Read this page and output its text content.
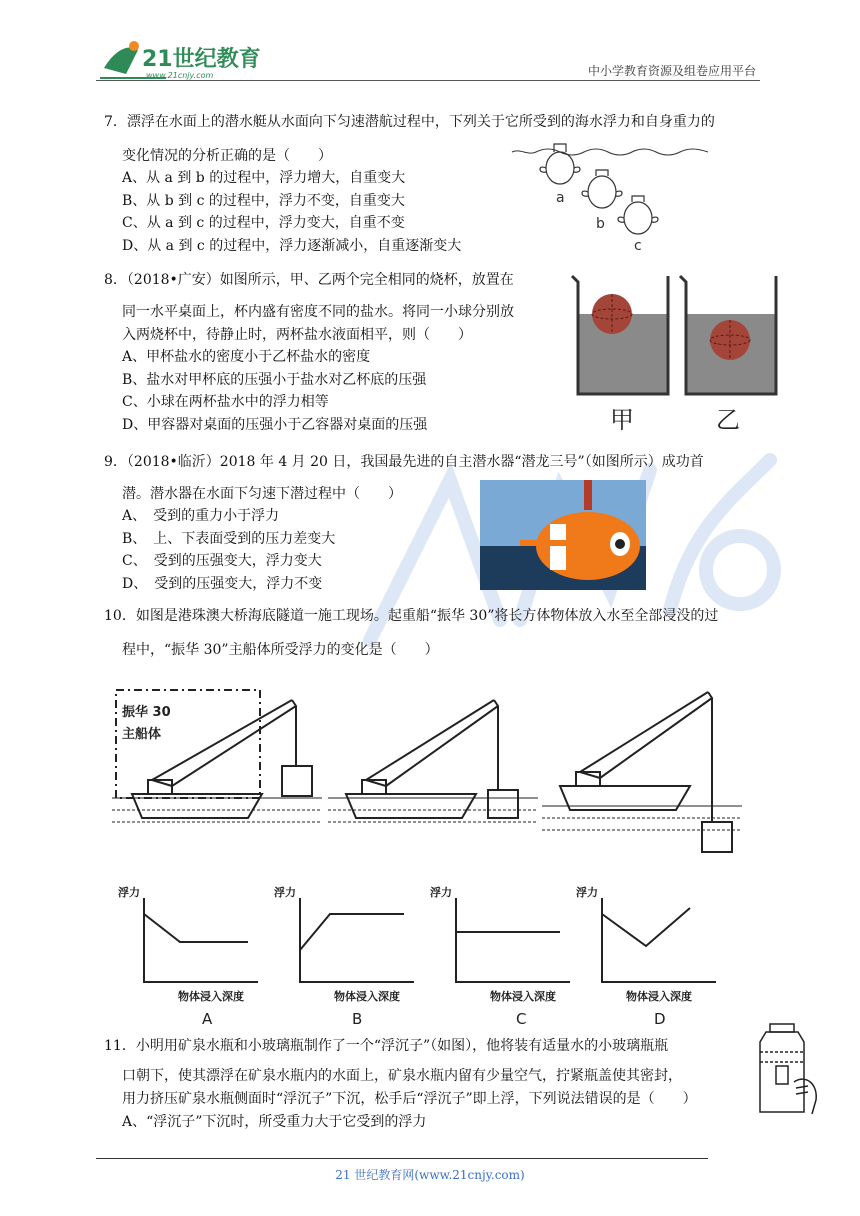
21世纪教育
www.21cnjy.com	中小学教育资源及组卷应用平台
7．漂浮在水面上的潜水艇从水面向下匀速潜航过程中，下列关于它所受到的海水浮力和自身重力的
变化情况的分析正确的是（　　）
A、从 a 到 b 的过程中，浮力增大，自重变大
B、从 b 到 c 的过程中，浮力不变，自重变大
C、从 a 到 c 的过程中，浮力变大，自重不变
D、从 a 到 c 的过程中，浮力逐渐减小，自重逐渐变大
a
b
c
8．（2018•广安）如图所示，甲、乙两个完全相同的烧杯，放置在
同一水平桌面上，杯内盛有密度不同的盐水。将同一小球分别放
入两烧杯中，待静止时，两杯盐水液面相平，则（　　）
A、甲杯盐水的密度小于乙杯盐水的密度
B、盐水对甲杯底的压强小于盐水对乙杯底的压强
C、小球在两杯盐水中的浮力相等
D、甲容器对桌面的压强小于乙容器对桌面的压强	甲	乙
9．（2018•临沂）2018 年 4 月 20 日，我国最先进的自主潜水器“潜龙三号”（如图所示）成功首
潜。潜水器在水面下匀速下潜过程中（　　）
A、　受到的重力小于浮力
B、　上、下表面受到的压力差变大
C、　受到的压强变大，浮力变大
D、　受到的压强变大，浮力不变
10．如图是港珠澳大桥海底隧道一施工现场。起重船“振华 30”将长方体物体放入水至全部浸没的过
程中，“振华 30”主船体所受浮力的变化是（　　）
振华 30
主船体
浮力
物体浸入深度
浮力
物体浸入深度
浮力
物体浸入深度
浮力
物体浸入深度
A	B	C	D
11．小明用矿泉水瓶和小玻璃瓶制作了一个“浮沉子”（如图），他将装有适量水的小玻璃瓶瓶
口朝下，使其漂浮在矿泉水瓶内的水面上，矿泉水瓶内留有少量空气，拧紧瓶盖使其密封，
用力挤压矿泉水瓶侧面时“浮沉子”下沉，松手后“浮沉子”即上浮，下列说法错误的是（　　）
A、“浮沉子”下沉时，所受重力大于它受到的浮力
21 世纪教育网(www.21cnjy.com)
